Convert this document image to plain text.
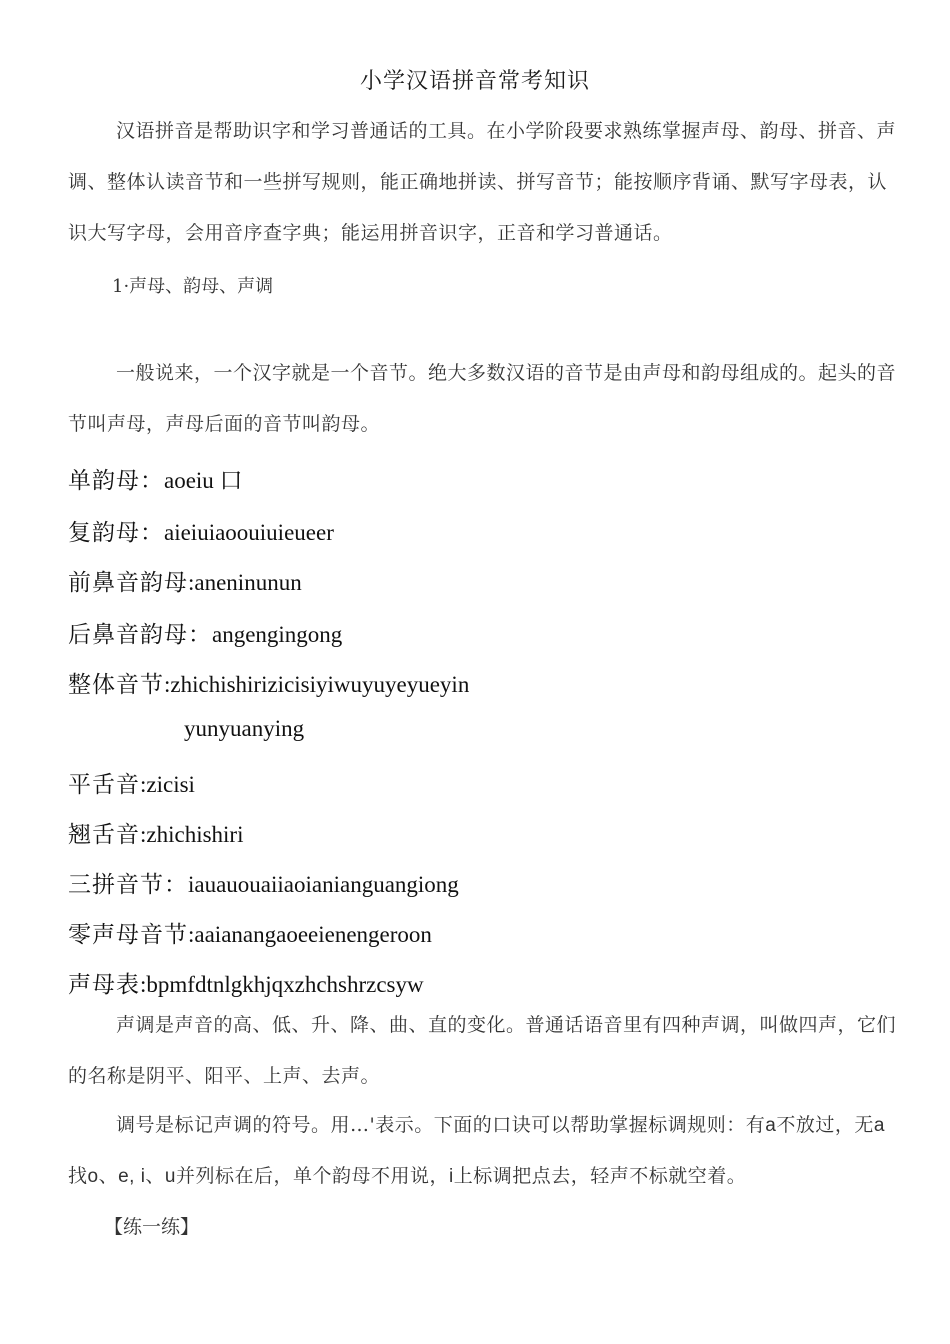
小学汉语拼音常考知识
汉语拼音是帮助识字和学习普通话的工具。在小学阶段要求熟练掌握声母、韵母、拼音、声调、整体认读音节和一些拼写规则，能正确地拼读、拼写音节；能按顺序背诵、默写字母表，认识大写字母，会用音序查字典；能运用拼音识字，正音和学习普通话。
1·声母、韵母、声调
一般说来，一个汉字就是一个音节。绝大多数汉语的音节是由声母和韵母组成的。起头的音节叫声母，声母后面的音节叫韵母。
单韵母：aoeiu 口
复韵母：aieiuiaoouiuieueer
前鼻音韵母:aneninunun
后鼻音韵母：angengingong
整体音节:zhichishirizicisiyiwuyuyeyueyin
yunyuanying
平舌音:zicisi
翘舌音:zhichishiri
三拼音节：iauauouaiiaoianianguangiong
零声母音节:aaianangaoeeienengeroon
声母表:bpmfdtnlgkhjqxzhchshrzcsyw
声调是声音的高、低、升、降、曲、直的变化。普通话语音里有四种声调，叫做四声，它们的名称是阴平、阳平、上声、去声。
调号是标记声调的符号。用…'表示。下面的口诀可以帮助掌握标调规则：有a不放过，无a找o、e, i、u并列标在后，单个韵母不用说，i上标调把点去，轻声不标就空着。
【练一练】
